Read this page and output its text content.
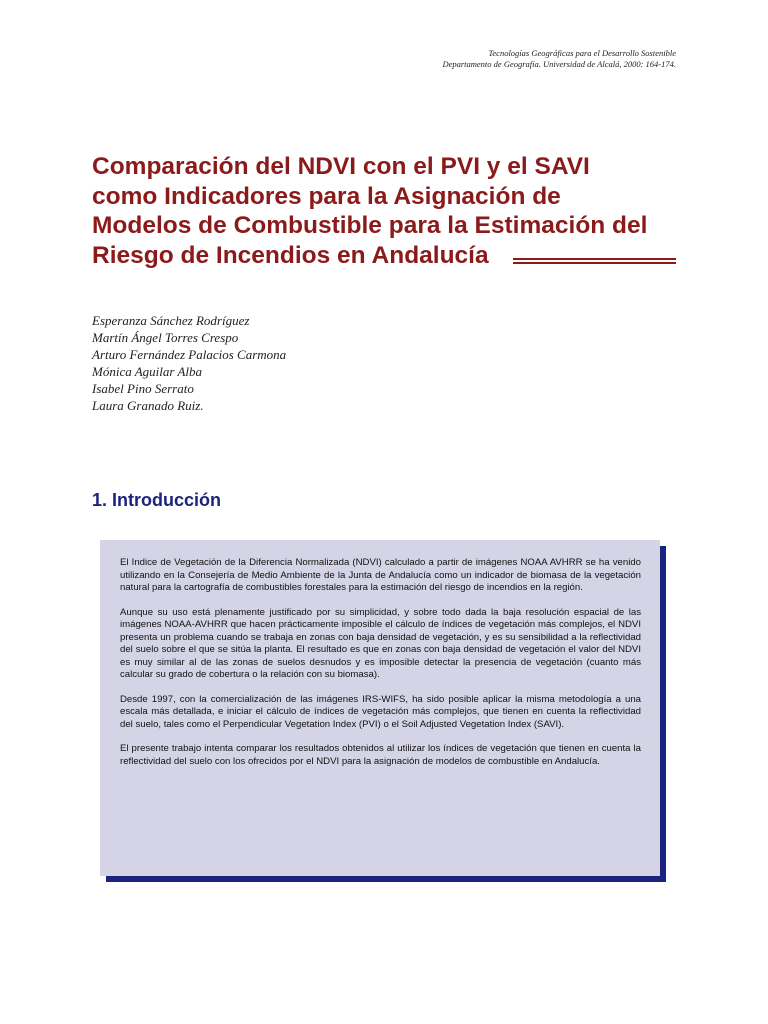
Tecnologías Geográficas para el Desarrollo Sostenible
Departamento de Geografía. Universidad de Alcalá, 2000: 164-174.
Comparación del NDVI con el PVI y el SAVI
como Indicadores para la Asignación de
Modelos de Combustible para la Estimación del
Riesgo de Incendios en Andalucía
Esperanza Sánchez Rodríguez
Martín Ángel Torres Crespo
Arturo Fernández Palacios Carmona
Mónica Aguilar Alba
Isabel Pino Serrato
Laura Granado Ruiz.
1. Introducción

El Indice de Vegetación de la Diferencia Normalizada (NDVI) calculado a partir de imágenes NOAA AVHRR se ha venido utilizando en la Consejería de Medio Ambiente de la Junta de Andalucía como un indicador de biomasa de la vegetación natural para la cartografía de combustibles forestales para la estimación del riesgo de incendios en la región.

Aunque su uso está plenamente justificado por su simplicidad, y sobre todo dada la baja resolución espacial de las imágenes NOAA-AVHRR que hacen prácticamente imposible el cálculo de índices de vegetación más complejos, el NDVI presenta un problema cuando se trabaja en zonas con baja densidad de vegetación, y es su sensibilidad a la reflectividad del suelo sobre el que se sitúa la planta. El resultado es que en zonas con baja densidad de vegetación el valor del NDVI es muy similar al de las zonas de suelos desnudos y es imposible detectar la presencia de vegetación (cuanto más calcular su grado de cobertura o la relación con su biomasa).

Desde 1997, con la comercialización de las imágenes IRS-WIFS, ha sido posible aplicar la misma metodología a una escala más detallada, e iniciar el cálculo de índices de vegetación más complejos, que tienen en cuenta la reflectividad del suelo, tales como el Perpendicular Vegetation Index (PVI) o el Soil Adjusted Vegetation Index (SAVI).

El presente trabajo intenta comparar los resultados obtenidos al utilizar los índices de vegetación que tienen en cuenta la reflectividad del suelo con los ofrecidos por el NDVI para la asignación de modelos de combustible en Andalucía.
